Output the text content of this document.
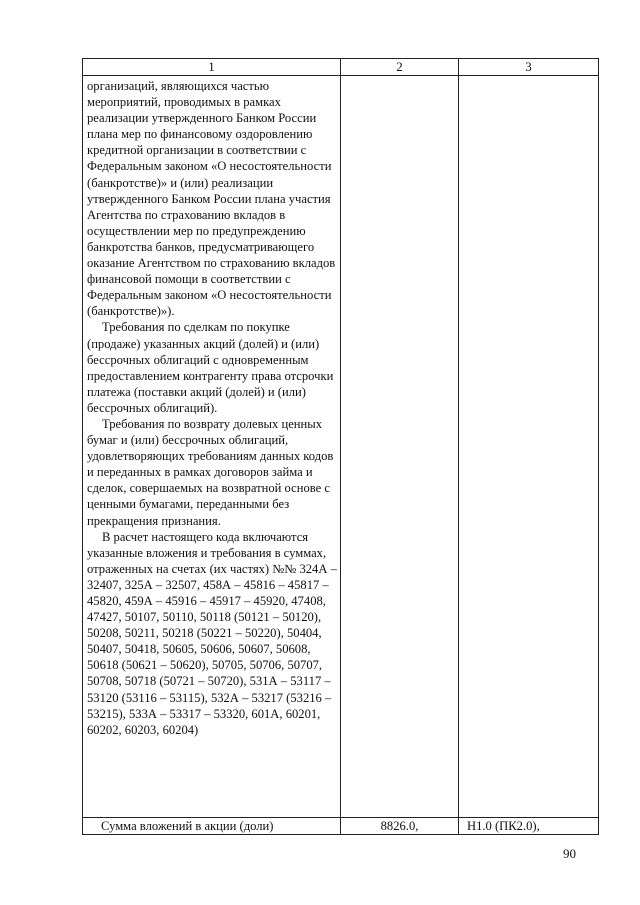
1	2	3

организаций, являющихся частью мероприятий, проводимых в рамках реализации утвержденного Банком России плана мер по финансовому оздоровлению кредитной организации в соответствии с Федеральным законом «О несостоятельности (банкротстве)» и (или) реализации утвержденного Банком России плана участия Агентства по страхованию вкладов в осуществлении мер по предупреждению банкротства банков, предусматривающего оказание Агентством по страхованию вкладов финансовой помощи в соответствии с Федеральным законом «О несостоятельности (банкротстве)»).

Требования по сделкам по покупке (продаже) указанных акций (долей) и (или) бессрочных облигаций с одновременным предоставлением контрагенту права отсрочки платежа (поставки акций (долей) и (или) бессрочных облигаций).

Требования по возврату долевых ценных бумаг и (или) бессрочных облигаций, удовлетворяющих требованиям данных кодов и переданных в рамках договоров займа и сделок, совершаемых на возвратной основе с ценными бумагами, переданными без прекращения признания.

В расчет настоящего кода включаются указанные вложения и требования в суммах, отраженных на счетах (их частях) №№ 324А – 32407, 325А – 32507, 458А – 45816 – 45817 – 45820, 459А – 45916 – 45917 – 45920, 47408, 47427, 50107, 50110, 50118 (50121 – 50120), 50208, 50211, 50218 (50221 – 50220), 50404, 50407, 50418, 50605, 50606, 50607, 50608, 50618 (50621 – 50620), 50705, 50706, 50707, 50708, 50718 (50721 – 50720), 531А – 53117 – 53120 (53116 – 53115), 532А – 53217 (53216 – 53215), 533А – 53317 – 53320, 601А, 60201, 60202, 60203, 60204)		

Сумма вложений в акции (доли)	8826.0,	Н1.0 (ПК2.0),
90
